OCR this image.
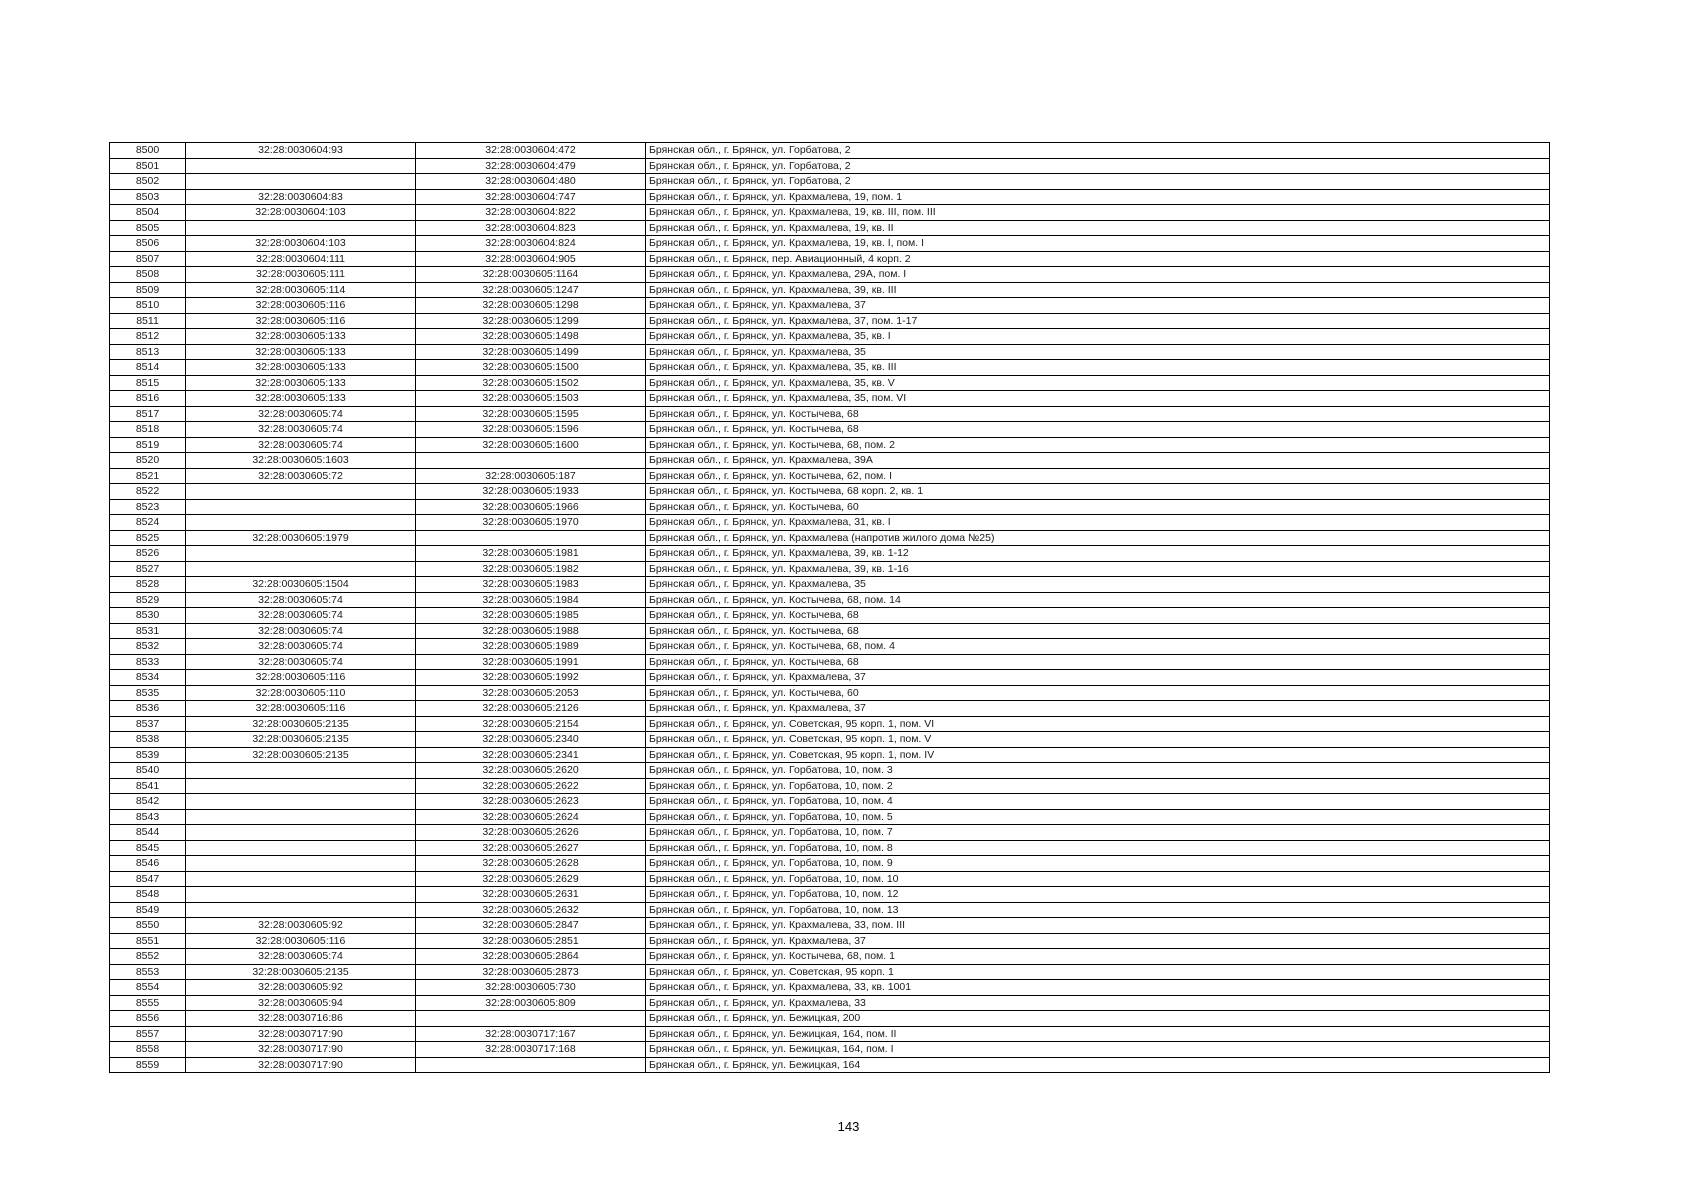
8500	32:28:0030604:93	32:28:0030604:472	Брянская обл., г. Брянск, ул. Горбатова, 2
8501		32:28:0030604:479	Брянская обл., г. Брянск, ул. Горбатова, 2
8502		32:28:0030604:480	Брянская обл., г. Брянск, ул. Горбатова, 2
8503	32:28:0030604:83	32:28:0030604:747	Брянская обл., г. Брянск, ул. Крахмалева, 19, пом. 1
8504	32:28:0030604:103	32:28:0030604:822	Брянская обл., г. Брянск, ул. Крахмалева, 19, кв. III, пом. III
8505		32:28:0030604:823	Брянская обл., г. Брянск, ул. Крахмалева, 19, кв. II
8506	32:28:0030604:103	32:28:0030604:824	Брянская обл., г. Брянск, ул. Крахмалева, 19, кв. I, пом. I
8507	32:28:0030604:111	32:28:0030604:905	Брянская обл., г. Брянск, пер. Авиационный, 4 корп. 2
8508	32:28:0030605:111	32:28:0030605:1164	Брянская обл., г. Брянск, ул. Крахмалева, 29А, пом. I
8509	32:28:0030605:114	32:28:0030605:1247	Брянская обл., г. Брянск, ул. Крахмалева, 39, кв. III
8510	32:28:0030605:116	32:28:0030605:1298	Брянская обл., г. Брянск, ул. Крахмалева, 37
8511	32:28:0030605:116	32:28:0030605:1299	Брянская обл., г. Брянск, ул. Крахмалева, 37, пом. 1-17
8512	32:28:0030605:133	32:28:0030605:1498	Брянская обл., г. Брянск, ул. Крахмалева, 35, кв. I
8513	32:28:0030605:133	32:28:0030605:1499	Брянская обл., г. Брянск, ул. Крахмалева, 35
8514	32:28:0030605:133	32:28:0030605:1500	Брянская обл., г. Брянск, ул. Крахмалева, 35, кв. III
8515	32:28:0030605:133	32:28:0030605:1502	Брянская обл., г. Брянск, ул. Крахмалева, 35, кв. V
8516	32:28:0030605:133	32:28:0030605:1503	Брянская обл., г. Брянск, ул. Крахмалева, 35, пом. VI
8517	32:28:0030605:74	32:28:0030605:1595	Брянская обл., г. Брянск, ул. Костычева, 68
8518	32:28:0030605:74	32:28:0030605:1596	Брянская обл., г. Брянск, ул. Костычева, 68
8519	32:28:0030605:74	32:28:0030605:1600	Брянская обл., г. Брянск, ул. Костычева, 68, пом. 2
8520	32:28:0030605:1603		Брянская обл., г. Брянск, ул. Крахмалева, 39А
8521	32:28:0030605:72	32:28:0030605:187	Брянская обл., г. Брянск, ул. Костычева, 62, пом. I
8522		32:28:0030605:1933	Брянская обл., г. Брянск, ул. Костычева, 68 корп. 2, кв. 1
8523		32:28:0030605:1966	Брянская обл., г. Брянск, ул. Костычева, 60
8524		32:28:0030605:1970	Брянская обл., г. Брянск, ул. Крахмалева, 31, кв. I
8525	32:28:0030605:1979		Брянская обл., г. Брянск, ул. Крахмалева (напротив жилого дома №25)
8526		32:28:0030605:1981	Брянская обл., г. Брянск, ул. Крахмалева, 39, кв. 1-12
8527		32:28:0030605:1982	Брянская обл., г. Брянск, ул. Крахмалева, 39, кв. 1-16
8528	32:28:0030605:1504	32:28:0030605:1983	Брянская обл., г. Брянск, ул. Крахмалева, 35
8529	32:28:0030605:74	32:28:0030605:1984	Брянская обл., г. Брянск, ул. Костычева, 68, пом. 14
8530	32:28:0030605:74	32:28:0030605:1985	Брянская обл., г. Брянск, ул. Костычева, 68
8531	32:28:0030605:74	32:28:0030605:1988	Брянская обл., г. Брянск, ул. Костычева, 68
8532	32:28:0030605:74	32:28:0030605:1989	Брянская обл., г. Брянск, ул. Костычева, 68, пом. 4
8533	32:28:0030605:74	32:28:0030605:1991	Брянская обл., г. Брянск, ул. Костычева, 68
8534	32:28:0030605:116	32:28:0030605:1992	Брянская обл., г. Брянск, ул. Крахмалева, 37
8535	32:28:0030605:110	32:28:0030605:2053	Брянская обл., г. Брянск, ул. Костычева, 60
8536	32:28:0030605:116	32:28:0030605:2126	Брянская обл., г. Брянск, ул. Крахмалева, 37
8537	32:28:0030605:2135	32:28:0030605:2154	Брянская обл., г. Брянск, ул. Советская, 95 корп. 1, пом. VI
8538	32:28:0030605:2135	32:28:0030605:2340	Брянская обл., г. Брянск, ул. Советская, 95 корп. 1, пом. V
8539	32:28:0030605:2135	32:28:0030605:2341	Брянская обл., г. Брянск, ул. Советская, 95 корп. 1, пом. IV
8540		32:28:0030605:2620	Брянская обл., г. Брянск, ул. Горбатова, 10, пом. 3
8541		32:28:0030605:2622	Брянская обл., г. Брянск, ул. Горбатова, 10, пом. 2
8542		32:28:0030605:2623	Брянская обл., г. Брянск, ул. Горбатова, 10, пом. 4
8543		32:28:0030605:2624	Брянская обл., г. Брянск, ул. Горбатова, 10, пом. 5
8544		32:28:0030605:2626	Брянская обл., г. Брянск, ул. Горбатова, 10, пом. 7
8545		32:28:0030605:2627	Брянская обл., г. Брянск, ул. Горбатова, 10, пом. 8
8546		32:28:0030605:2628	Брянская обл., г. Брянск, ул. Горбатова, 10, пом. 9
8547		32:28:0030605:2629	Брянская обл., г. Брянск, ул. Горбатова, 10, пом. 10
8548		32:28:0030605:2631	Брянская обл., г. Брянск, ул. Горбатова, 10, пом. 12
8549		32:28:0030605:2632	Брянская обл., г. Брянск, ул. Горбатова, 10, пом. 13
8550	32:28:0030605:92	32:28:0030605:2847	Брянская обл., г. Брянск, ул. Крахмалева, 33, пом. III
8551	32:28:0030605:116	32:28:0030605:2851	Брянская обл., г. Брянск, ул. Крахмалева, 37
8552	32:28:0030605:74	32:28:0030605:2864	Брянская обл., г. Брянск, ул. Костычева, 68, пом. 1
8553	32:28:0030605:2135	32:28:0030605:2873	Брянская обл., г. Брянск, ул. Советская, 95 корп. 1
8554	32:28:0030605:92	32:28:0030605:730	Брянская обл., г. Брянск, ул. Крахмалева, 33, кв. 1001
8555	32:28:0030605:94	32:28:0030605:809	Брянская обл., г. Брянск, ул. Крахмалева, 33
8556	32:28:0030716:86		Брянская обл., г. Брянск, ул. Бежицкая, 200
8557	32:28:0030717:90	32:28:0030717:167	Брянская обл., г. Брянск, ул. Бежицкая, 164, пом. II
8558	32:28:0030717:90	32:28:0030717:168	Брянская обл., г. Брянск, ул. Бежицкая, 164, пом. I
8559	32:28:0030717:90		Брянская обл., г. Брянск, ул. Бежицкая, 164
143
